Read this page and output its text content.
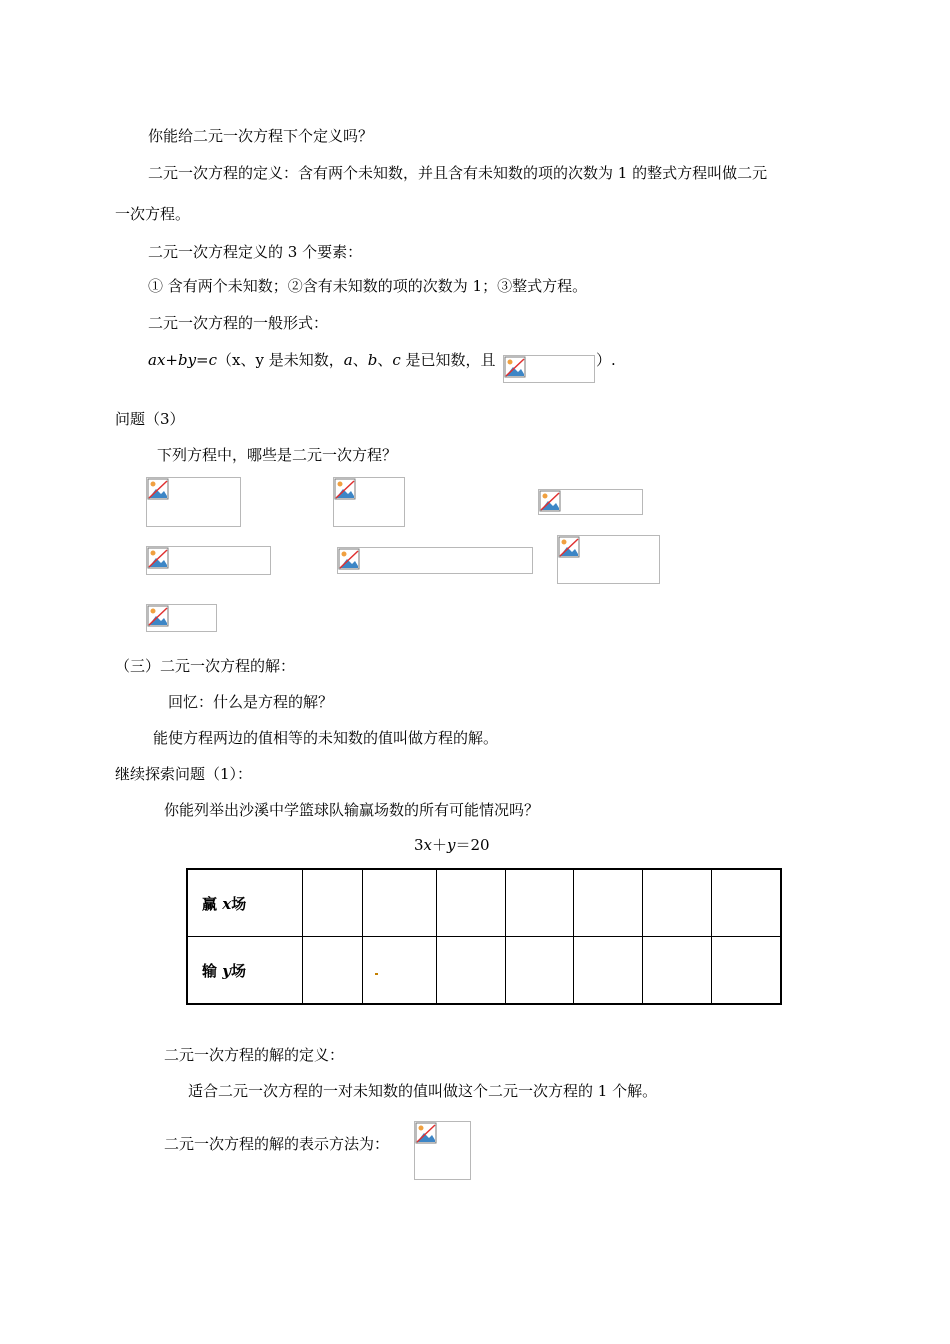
你能给二元一次方程下个定义吗？
二元一次方程的定义：含有两个未知数，并且含有未知数的项的次数为 1 的整式方程叫做二元
一次方程。
二元一次方程定义的 3 个要素：
① 含有两个未知数；②含有未知数的项的次数为 1；③整式方程。
二元一次方程的一般形式：
ax+by=c（x、y 是未知数，a、b、c 是已知数，且	）.
问题（3）
下列方程中，哪些是二元一次方程？
（三）二元一次方程的解：
回忆：什么是方程的解？
能使方程两边的值相等的未知数的值叫做方程的解。
继续探索问题（1）：
你能列举出沙溪中学篮球队输赢场数的所有可能情况吗？
3x＋y＝20
赢 x场							
输 y场							
二元一次方程的解的定义：
适合二元一次方程的一对未知数的值叫做这个二元一次方程的 1 个解。
二元一次方程的解的表示方法为：
